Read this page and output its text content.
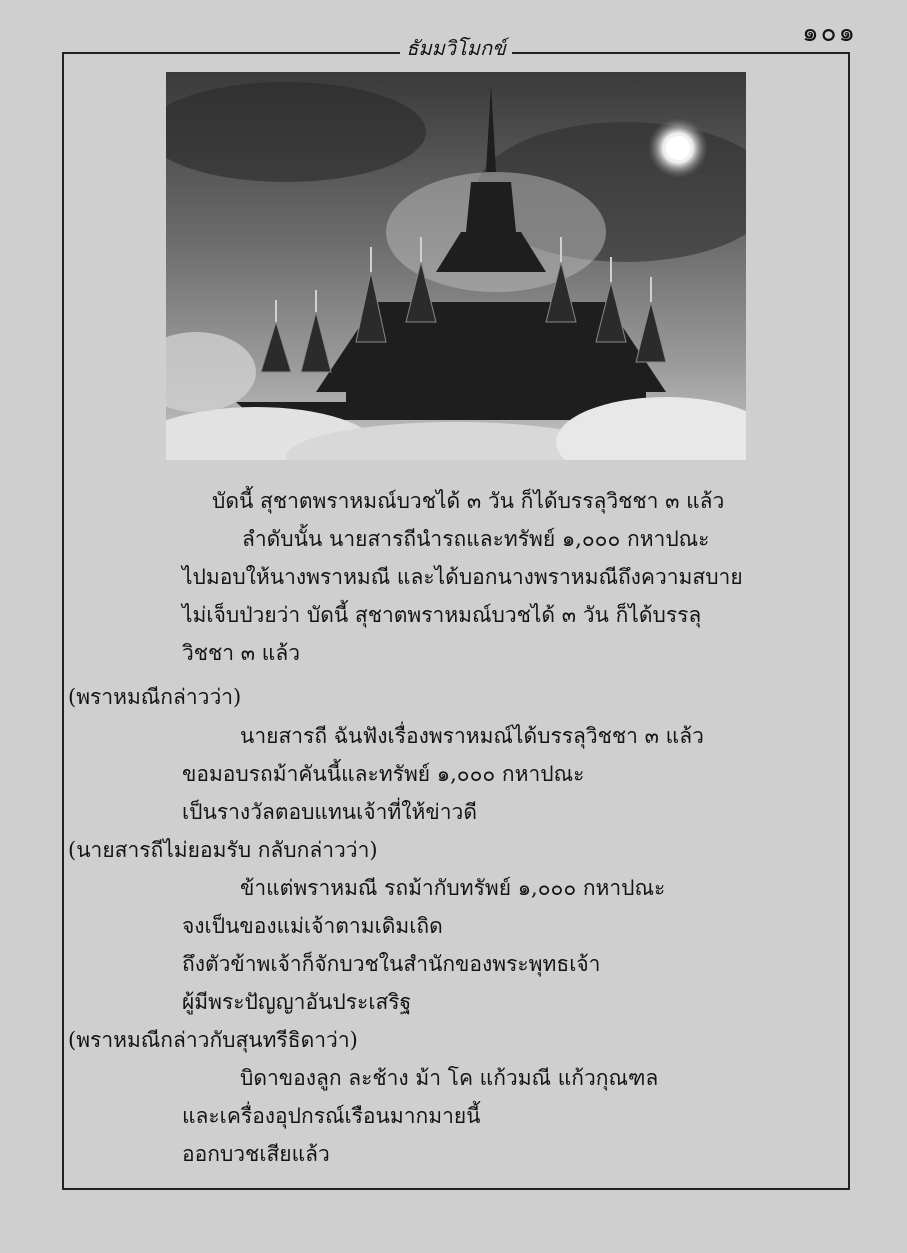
๑๐๑
ธัมมวิโมกข์
บัดนี้ สุชาตพราหมณ์บวชได้ ๓ วัน ก็ได้บรรลุวิชชา ๓ แล้ว
ลำดับนั้น นายสารถีนำรถและทรัพย์ ๑,๐๐๐ กหาปณะ
ไปมอบให้นางพราหมณี และได้บอกนางพราหมณีถึงความสบาย
ไม่เจ็บป่วยว่า บัดนี้ สุชาตพราหมณ์บวชได้ ๓ วัน ก็ได้บรรลุ
วิชชา ๓ แล้ว
(พราหมณีกล่าวว่า)
นายสารถี ฉันฟังเรื่องพราหมณ์ได้บรรลุวิชชา ๓ แล้ว
ขอมอบรถม้าคันนี้และทรัพย์ ๑,๐๐๐ กหาปณะ
เป็นรางวัลตอบแทนเจ้าที่ให้ข่าวดี
(นายสารถีไม่ยอมรับ กลับกล่าวว่า)
ข้าแต่พราหมณี รถม้ากับทรัพย์ ๑,๐๐๐ กหาปณะ
จงเป็นของแม่เจ้าตามเดิมเถิด
ถึงตัวข้าพเจ้าก็จักบวชในสำนักของพระพุทธเจ้า
ผู้มีพระปัญญาอันประเสริฐ
(พราหมณีกล่าวกับสุนทรีธิดาว่า)
บิดาของลูก ละช้าง ม้า โค แก้วมณี แก้วกุณฑล
และเครื่องอุปกรณ์เรือนมากมายนี้
ออกบวชเสียแล้ว
